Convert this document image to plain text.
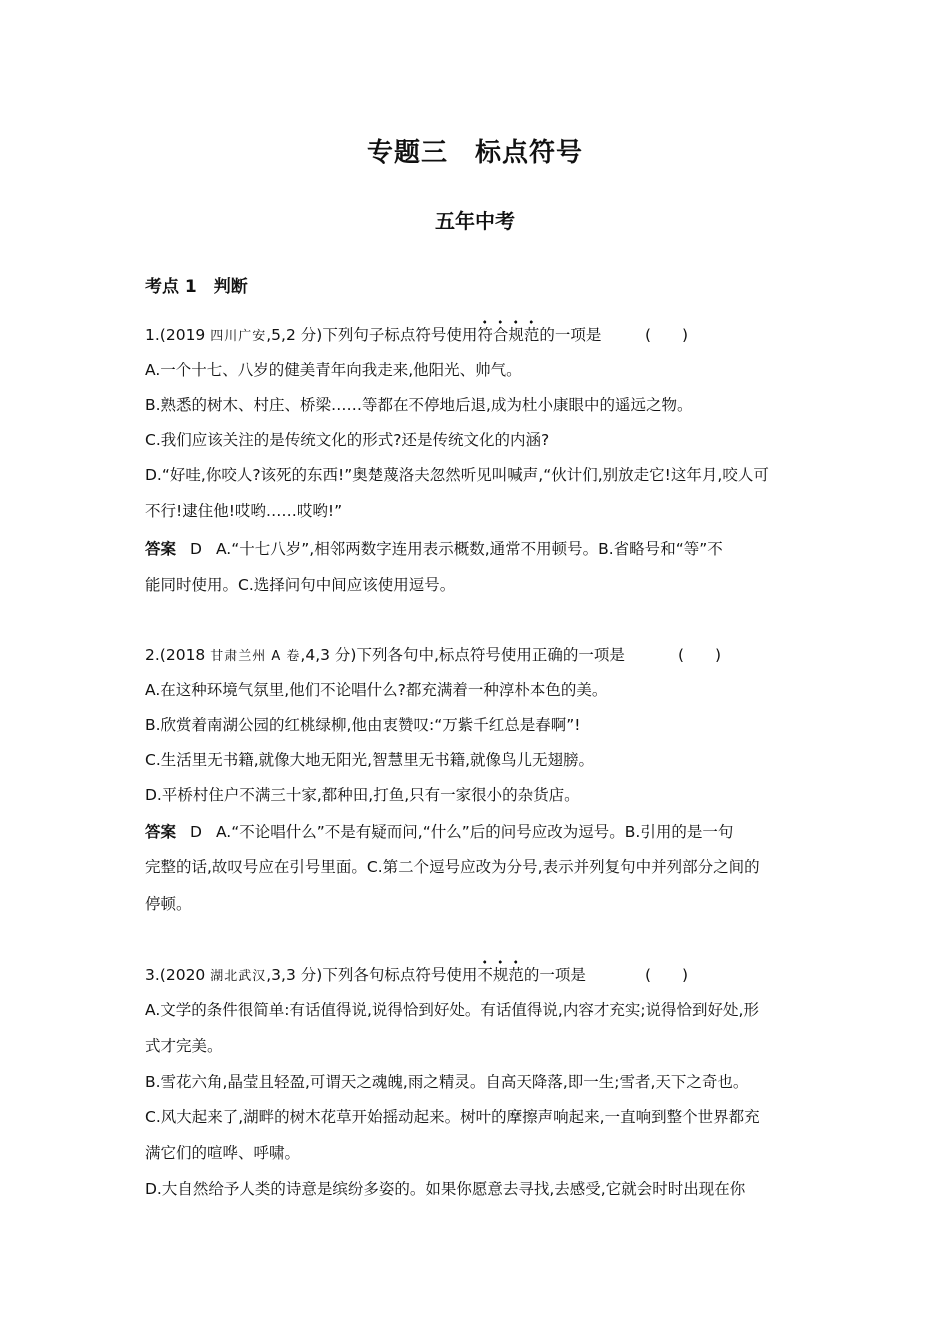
专题三　标点符号
五年中考
考点 1　判断
1.(2019 四川广安,5,2 分)下列句子标点符号使用符合规范的一项是	(　　)
A.一个十七、八岁的健美青年向我走来,他阳光、帅气。
B.熟悉的树木、村庄、桥梁……等都在不停地后退,成为杜小康眼中的遥远之物。
C.我们应该关注的是传统文化的形式?还是传统文化的内涵?
D.“好哇,你咬人?该死的东西!”奥楚蔑洛夫忽然听见叫喊声,“伙计们,别放走它!这年月,咬人可
不行!逮住他!哎哟……哎哟!”
答案 D A.“十七八岁”,相邻两数字连用表示概数,通常不用顿号。B.省略号和“等”不
能同时使用。C.选择问句中间应该使用逗号。
2.(2018 甘肃兰州 A 卷,4,3 分)下列各句中,标点符号使用正确的一项是	(　　)
A.在这种环境气氛里,他们不论唱什么?都充满着一种淳朴本色的美。
B.欣赏着南湖公园的红桃绿柳,他由衷赞叹:“万紫千红总是春啊”!
C.生活里无书籍,就像大地无阳光,智慧里无书籍,就像鸟儿无翅膀。
D.平桥村住户不满三十家,都种田,打鱼,只有一家很小的杂货店。
答案 D A.“不论唱什么”不是有疑而问,“什么”后的问号应改为逗号。B.引用的是一句
完整的话,故叹号应在引号里面。C.第二个逗号应改为分号,表示并列复句中并列部分之间的
停顿。
3.(2020 湖北武汉,3,3 分)下列各句标点符号使用不规范的一项是	(　　)
A.文学的条件很简单:有话值得说,说得恰到好处。有话值得说,内容才充实;说得恰到好处,形
式才完美。
B.雪花六角,晶莹且轻盈,可谓天之魂魄,雨之精灵。自高天降落,即一生;雪者,天下之奇也。
C.风大起来了,湖畔的树木花草开始摇动起来。树叶的摩擦声响起来,一直响到整个世界都充
满它们的喧哗、呼啸。
D.大自然给予人类的诗意是缤纷多姿的。如果你愿意去寻找,去感受,它就会时时出现在你
